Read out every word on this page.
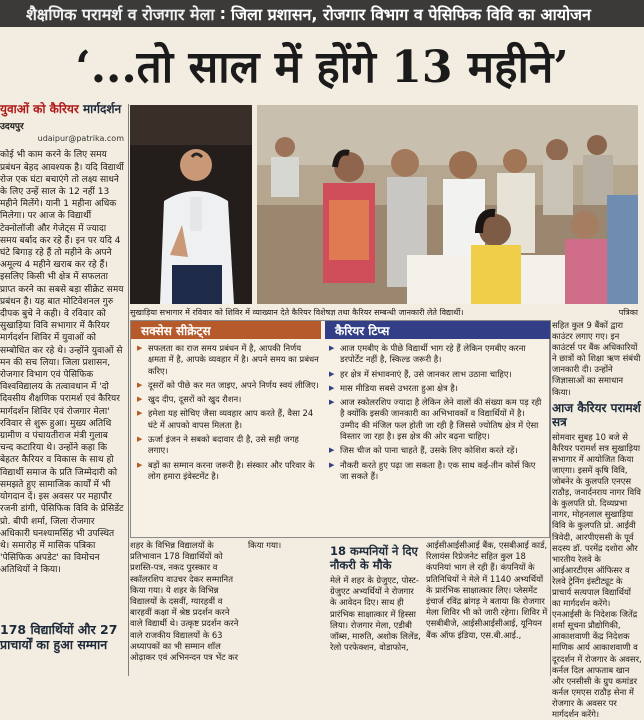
शैक्षणिक परामर्श व रोजगार मेला : जिला प्रशासन, रोजगार विभाग व पेसिफिक विवि का आयोजन
‘...तो साल में होंगे 13 महीने’
युवाओं को कैरियर मार्गदर्शन
उदयपुर
udaipur@patrika.com
कोई भी काम करने के लिए समय प्रबंधन बेहद आवश्यक है। यदि विद्यार्थी रोज एक घंटा बचाएंगे तो लक्ष्य साधने के लिए उन्हें साल के 12 नहीं 13 महीने मिलेंगे। यानी 1 महीना अधिक मिलेगा। पर आज के विद्यार्थी टेक्नोलॉजी और गेजेट्स में ज्यादा समय बर्बाद कर रहे हैं। इन पर यदि 4 घंटे बिगाड़ रहे हैं तो महीने के अपने अमूल्य 4 महीने खराब कर रहे हैं। इसलिए किसी भी क्षेत्र में सफलता प्राप्त करने का सबसे बड़ा सीक्रेट समय प्रबंधन है। यह बात मोटिवेशनल गुरु दीपक बुचे ने कही। वे रविवार को सुखाड़िया विवि सभागार में कैरियर मार्गदर्शन शिविर में युवाओं को सम्बोधित कर रहे थे। उन्होंने युवाओं से मन की सच लिया। जिला प्रशासन, रोजगार विभाग एवं पेसिफिक विश्वविद्यालय के तत्वावधान में 'दो दिवसीय शैक्षणिक परामर्श एवं कैरियर मार्गदर्शन शिविर एवं रोजगार मेला' रविवार से शुरू हुआ। मुख्य अतिथि ग्रामीण व पंचायतीराज मंत्री गुलाब चन्द कटारिया थे। उन्होंने कहा कि बेहतर कैरियर व विकास के साथ हो विद्यार्थी समाज के प्रति जिम्मेदारी को समझते हुए सामाजिक कार्यों में भी योगदान दें। इस अवसर पर महापौर रजनी डांगी, पेसिफिक विवि के प्रेसिडेंट प्रो. बीपी शर्मा, जिला रोजगार अधिकारी घनश्यामसिंह भी उपस्थित थे। समारोह में मासिक पत्रिका 'पेसिफिक अपडेट' का विमोचन अतिथियों ने किया।
178 विद्यार्थियों और 27 प्राचार्यों का हुआ सम्मान
सुखाड़िया सभागार में रविवार को शिविर में व्याख्यान देते कैरियर विशेषज्ञ तथा कैरियर सम्बन्धी जानकारी लेते विद्यार्थी।	पत्रिका
सक्सेस सीक्रेट्स	कैरियर टिप्स
▶ सफलता का राज समय प्रबंधन में है, आपकी निर्णय क्षमता में है, आपके व्यवहार में है। अपने समय का प्रबंधन करिए।
▶ दूसरों को पीछे कर मत जाइए, अपने निर्णय स्वयं लीजिए।
▶ खुद दीप, दूसरों को खुद रौशन।
▶ हमेशा यह सोचिए जैसा व्यवहार आप करते हैं, वैसा 24 घंटे में आपको वापस मिलता है।
▶ ऊर्जा इंजन ने सबको बदावार दी है, उसे सही जगह लगाए।
▶ बड़ों का सम्मान करना जरूरी है। संस्कार और परिवार के लोग हमारा इंवेस्टमेंट है।
▶ आज एमबीए के पीछे विद्यार्थी भाग रहे हैं लेकिन एमबीए करना डरपोर्टेंट नहीं है, स्किल्ड जरूरी है।
▶ हर क्षेत्र में संभावनाएं हैं, उसे जानकर लाभ उठाना चाहिए।
▶ मास मीडिया सबसे उभरता हुआ क्षेत्र है।
▶ आज स्कोलरशिप ज्यादा है लेकिन लेने वालों की संख्या कम पड़ रही है क्योंकि इसकी जानकारी का अभिभावकों व विद्यार्थियों में है। उम्मीद की मंजिल फल होती जा रही है जिससे ज्योतिष क्षेत्र में ऐसा विस्तार जा रहा है। इस क्षेत्र की ओर बढ़ना चाहिए।
▶ जिस चीज को पाना चाहते हैं, उसके लिए कोशिश करते रहें।
▶ नौकरी करते हुए पढ़ा जा सकता है। एक साथ कई-तीन कोर्स किए जा सकते हैं।
सहित कुल 9 बैंकों द्वारा काउंटर लगाए गए। इन काउंटर्स पर बैंक अधिकारियों ने छात्रों को शिक्षा ऋण संबंधी जानकारी दी। उन्होंने जिज्ञासाओं का समाधान किया।
आज कैरियर परामर्श सत्र
सोमवार सुबह 10 बजे से कैरियर परामर्श सत्र सुखाड़िया सभागार में आयोजित किया जाएगा। इसमें कृषि विवि, जोबनेर के कुलपति एनएस राठौड़, जनार्दनराय नागर विवि के कुलपति प्रो. दिव्यप्रभा नागर, मोहनलाल सुखाड़िया विवि के कुलपति प्रो. आईवी त्रिवेदी, आरपीएससी के पूर्व सदस्य डॉ. परमेंद्र दशोरा और भारतीय रेलवे के आईआरटीएस ऑफिसर व रेलवे ट्रेनिंग इंस्टीट्यूट के प्राचार्य सत्यपाल विद्यार्थियों का मार्गदर्शन करेंगे। एनआईसी के निदेशक जितेंद्र शर्मा सूचना प्रौद्योगिकी, आकाशवाणी केंद्र निदेशक माणिक आर्य आकाशवाणी व दूरदर्शन में रोजगार के अवसर, कर्नल दिल आफताब खान और एनसीसी के ग्रुप कमांडर कर्नल एमएस राठौड़ सेना में रोजगार के अवसर पर मार्गदर्शन करेंगे।
शहर के विभिन्न विद्यालयों के प्रतिभावान 178 विद्यार्थियों को प्रशस्ति-पत्र, नकद पुरस्कार व स्कॉलरशिप वाउचर देकर सम्मानित किया गया। ये शहर के विभिन्न विद्यालयों के दसवीं, ग्यारहवीं व बारहवीं कक्षा में श्रेष्ठ प्रदर्शन करने वाले विद्यार्थी थे। उत्कृष्ट प्रदर्शन करने वाले राजकीय विद्यालयों के 63 अध्यापकों का भी सम्मान शॉल ओढ़ाकर एवं अभिनन्दन पत्र भेंट कर
किया गया।	18 कम्पनियों ने दिए नौकरी के मौके
मेले में शहर के ग्रेजुएट, पोस्ट-ग्रेजुएट अभ्यर्थियों ने रोजगार के आवेदन दिए। साथ ही प्रारंभिक साक्षात्कार में हिस्सा लिया। रोजगार मेला, एडीबी जॉब्स, मारुति, अशोक लिलेंड, रेलो परफेक्शन, वोडाफोन,
आईसीआईसीआई बैंक, एसबीआई कार्ड, रिलायंस रिप्रेजनेट सहित कुल 18 कंपनियां भाग ले रही हैं। कंपनियों के प्रतिनिधियों ने मेले में 1140 अभ्यर्थियों के प्रारंभिक साक्षात्कार लिए। प्लेसमेंट इंचार्ज रविंद्र ब्रांगड़ ने बताया कि रोजगार मेला शिविर भी को जारी रहेगा। शिविर में एसबीबीजे, आईसीआईसीआई, यूनियन बैंक ऑफ इंडिया, एस.बी.आई.,
